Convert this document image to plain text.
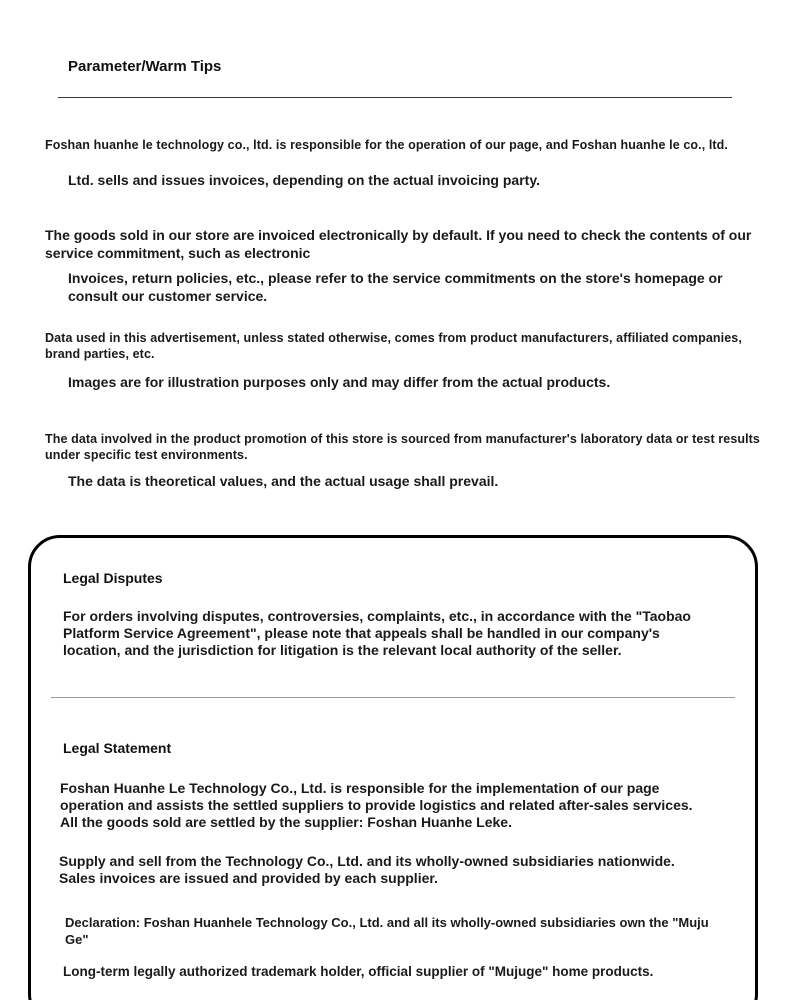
Parameter/Warm Tips

Foshan huanhe le technology co., ltd. is responsible for the operation of our page, and Foshan huanhe le co., ltd.

Ltd. sells and issues invoices, depending on the actual invoicing party.

The goods sold in our store are invoiced electronically by default. If you need to check the contents of our service commitment, such as electronic

Invoices, return policies, etc., please refer to the service commitments on the store's homepage or consult our customer service.

Data used in this advertisement, unless stated otherwise, comes from product manufacturers, affiliated companies, brand parties, etc.

Images are for illustration purposes only and may differ from the actual products.

The data involved in the product promotion of this store is sourced from manufacturer's laboratory data or test results under specific test environments.

The data is theoretical values, and the actual usage shall prevail.

Legal Disputes

For orders involving disputes, controversies, complaints, etc., in accordance with the "Taobao Platform Service Agreement", please note that appeals shall be handled in our company's location, and the jurisdiction for litigation is the relevant local authority of the seller.

Legal Statement

Foshan Huanhe Le Technology Co., Ltd. is responsible for the implementation of our page operation and assists the settled suppliers to provide logistics and related after-sales services. All the goods sold are settled by the supplier: Foshan Huanhe Leke.

Supply and sell from the Technology Co., Ltd. and its wholly-owned subsidiaries nationwide. Sales invoices are issued and provided by each supplier.

Declaration: Foshan Huanhele Technology Co., Ltd. and all its wholly-owned subsidiaries own the "Muju Ge"

Long-term legally authorized trademark holder, official supplier of "Mujuge" home products.
